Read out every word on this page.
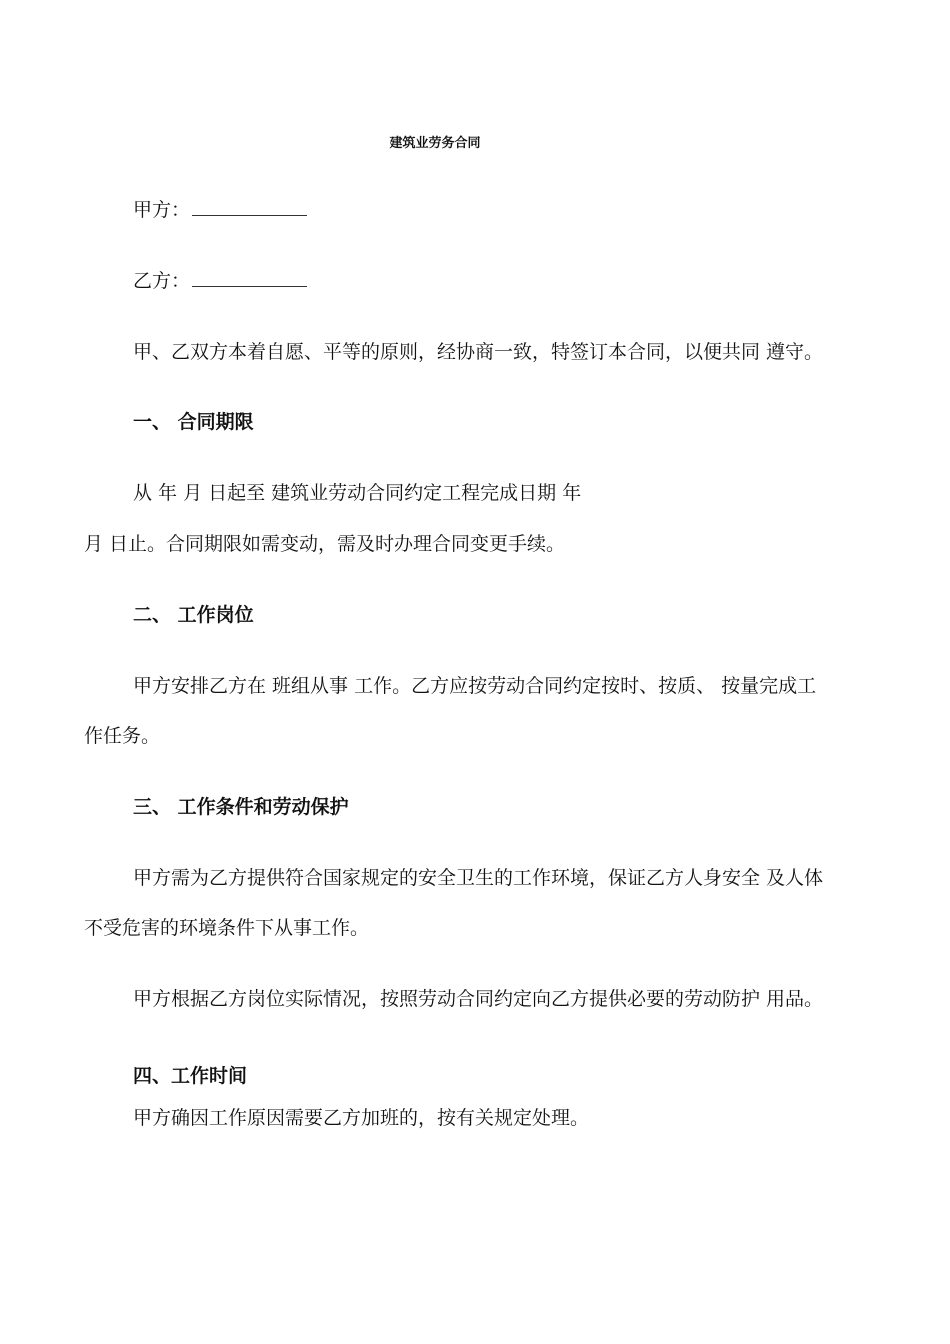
建筑业劳务合同
甲方：
乙方：
甲、乙双方本着自愿、平等的原则，经协商一致，特签订本合同，以便共同 遵守。
一、 合同期限
从 年 月 日起至 建筑业劳动合同约定工程完成日期 年
月 日止。合同期限如需变动，需及时办理合同变更手续。
二、 工作岗位
甲方安排乙方在 班组从事 工作。乙方应按劳动合同约定按时、按质、 按量完成工
作任务。
三、 工作条件和劳动保护
甲方需为乙方提供符合国家规定的安全卫生的工作环境，保证乙方人身安全 及人体
不受危害的环境条件下从事工作。
甲方根据乙方岗位实际情况，按照劳动合同约定向乙方提供必要的劳动防护 用品。
四、工作时间
甲方确因工作原因需要乙方加班的，按有关规定处理。
